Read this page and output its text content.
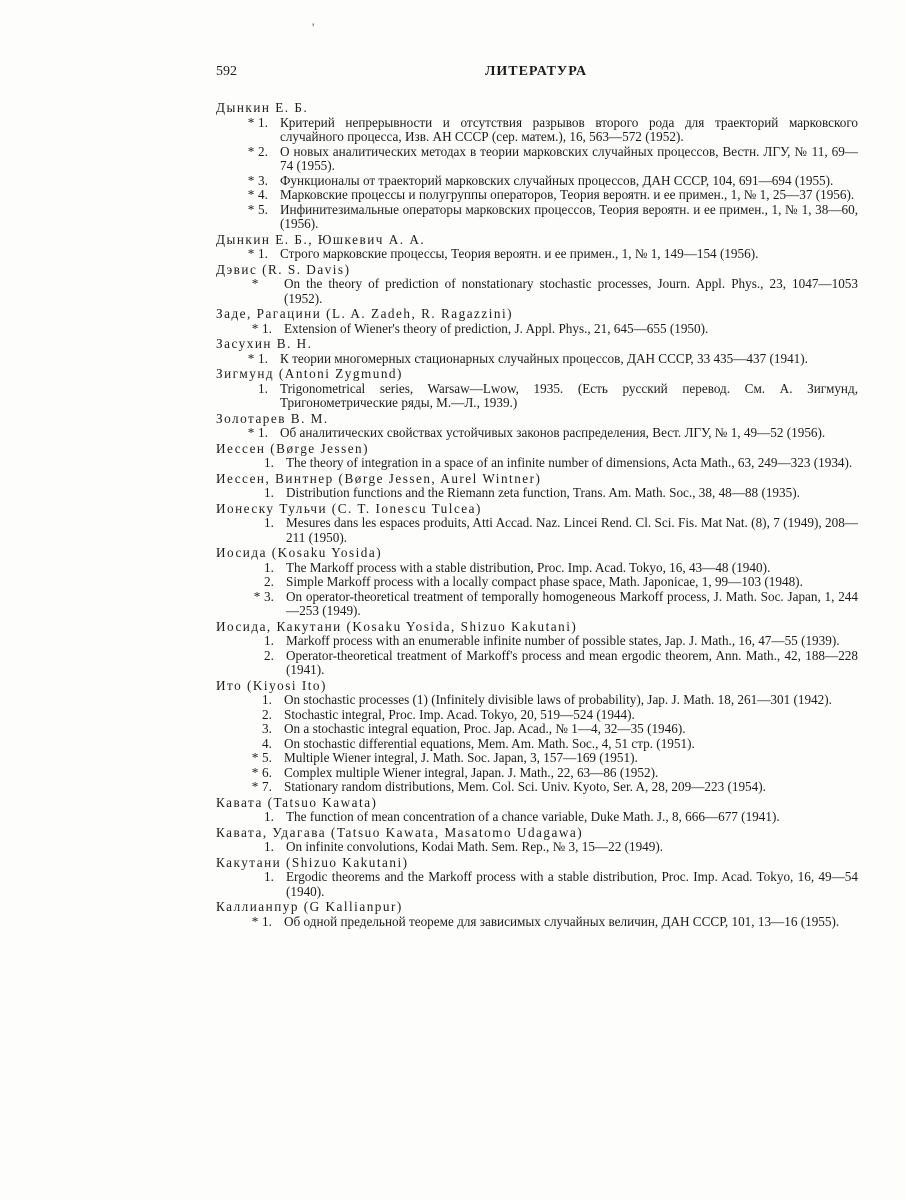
'
592	ЛИТЕРАТУРА
Дынкин Е. Б.
* 1. Критерий непрерывности и отсутствия разрывов второго рода для траекторий марковского случайного процесса, Изв. АН СССР (сер. матем.), 16, 563—572 (1952).
* 2. О новых аналитических методах в теории марковских случайных процессов, Вестн. ЛГУ, № 11, 69—74 (1955).
* 3. Функционалы от траекторий марковских случайных процессов, ДАН СССР, 104, 691—694 (1955).
* 4. Марковские процессы и полугруппы операторов, Теория вероятн. и ее примен., 1, № 1, 25—37 (1956).
* 5. Инфинитезимальные операторы марковских процессов, Теория вероятн. и ее примен., 1, № 1, 38—60, (1956).
Дынкин Е. Б., Юшкевич А. А.
* 1. Строго марковские процессы, Теория вероятн. и ее примен., 1, № 1, 149—154 (1956).
Дэвис (R. S. Davis)
* On the theory of prediction of nonstationary stochastic processes, Journ. Appl. Phys., 23, 1047—1053 (1952).
Заде, Рагацини (L. A. Zadeh, R. Ragazzini)
* 1. Extension of Wiener's theory of prediction, J. Appl. Phys., 21, 645—655 (1950).
Засухин В. Н.
* 1. К теории многомерных стационарных случайных процессов, ДАН СССР, 33 435—437 (1941).
Зигмунд (Antoni Zygmund)
1. Trigonometrical series, Warsaw—Lwow, 1935. (Есть русский перевод. См. А. Зигмунд, Тригонометрические ряды, М.—Л., 1939.)
Золотарев В. М.
* 1. Об аналитических свойствах устойчивых законов распределения, Вест. ЛГУ, № 1, 49—52 (1956).
Иессен (Børge Jessen)
1. The theory of integration in a space of an infinite number of dimensions, Acta Math., 63, 249—323 (1934).
Иессен, Винтнер (Børge Jessen, Aurel Wintner)
1. Distribution functions and the Riemann zeta function, Trans. Am. Math. Soc., 38, 48—88 (1935).
Ионеску Тульчи (C. T. Ionescu Tulcea)
1. Mesures dans les espaces produits, Atti Accad. Naz. Lincei Rend. Cl. Sci. Fis. Mat Nat. (8), 7 (1949), 208—211 (1950).
Иосида (Kosaku Yosida)
1. The Markoff process with a stable distribution, Proc. Imp. Acad. Tokyo, 16, 43—48 (1940).
2. Simple Markoff process with a locally compact phase space, Math. Japonicae, 1, 99—103 (1948).
* 3. On operator-theoretical treatment of temporally homogeneous Markoff process, J. Math. Soc. Japan, 1, 244—253 (1949).
Иосида, Какутани (Kosaku Yosida, Shizuo Kakutani)
1. Markoff process with an enumerable infinite number of possible states, Jap. J. Math., 16, 47—55 (1939).
2. Operator-theoretical treatment of Markoff's process and mean ergodic theorem, Ann. Math., 42, 188—228 (1941).
Ито (Kiyosi Ito)
1. On stochastic processes (1) (Infinitely divisible laws of probability), Jap. J. Math. 18, 261—301 (1942).
2. Stochastic integral, Proc. Imp. Acad. Tokyo, 20, 519—524 (1944).
3. On a stochastic integral equation, Proc. Jap. Acad., № 1—4, 32—35 (1946).
4. On stochastic differential equations, Mem. Am. Math. Soc., 4, 51 стр. (1951).
* 5. Multiple Wiener integral, J. Math. Soc. Japan, 3, 157—169 (1951).
* 6. Complex multiple Wiener integral, Japan. J. Math., 22, 63—86 (1952).
* 7. Stationary random distributions, Mem. Col. Sci. Univ. Kyoto, Ser. A, 28, 209—223 (1954).
Кавата (Tatsuo Kawata)
1. The function of mean concentration of a chance variable, Duke Math. J., 8, 666—677 (1941).
Кавата, Удагава (Tatsuo Kawata, Masatomo Udagawa)
1. On infinite convolutions, Kodai Math. Sem. Rep., № 3, 15—22 (1949).
Какутани (Shizuo Kakutani)
1. Ergodic theorems and the Markoff process with a stable distribution, Proc. Imp. Acad. Tokyo, 16, 49—54 (1940).
Каллианпур (G Kallianpur)
* 1. Об одной предельной теореме для зависимых случайных величин, ДАН СССР, 101, 13—16 (1955).
